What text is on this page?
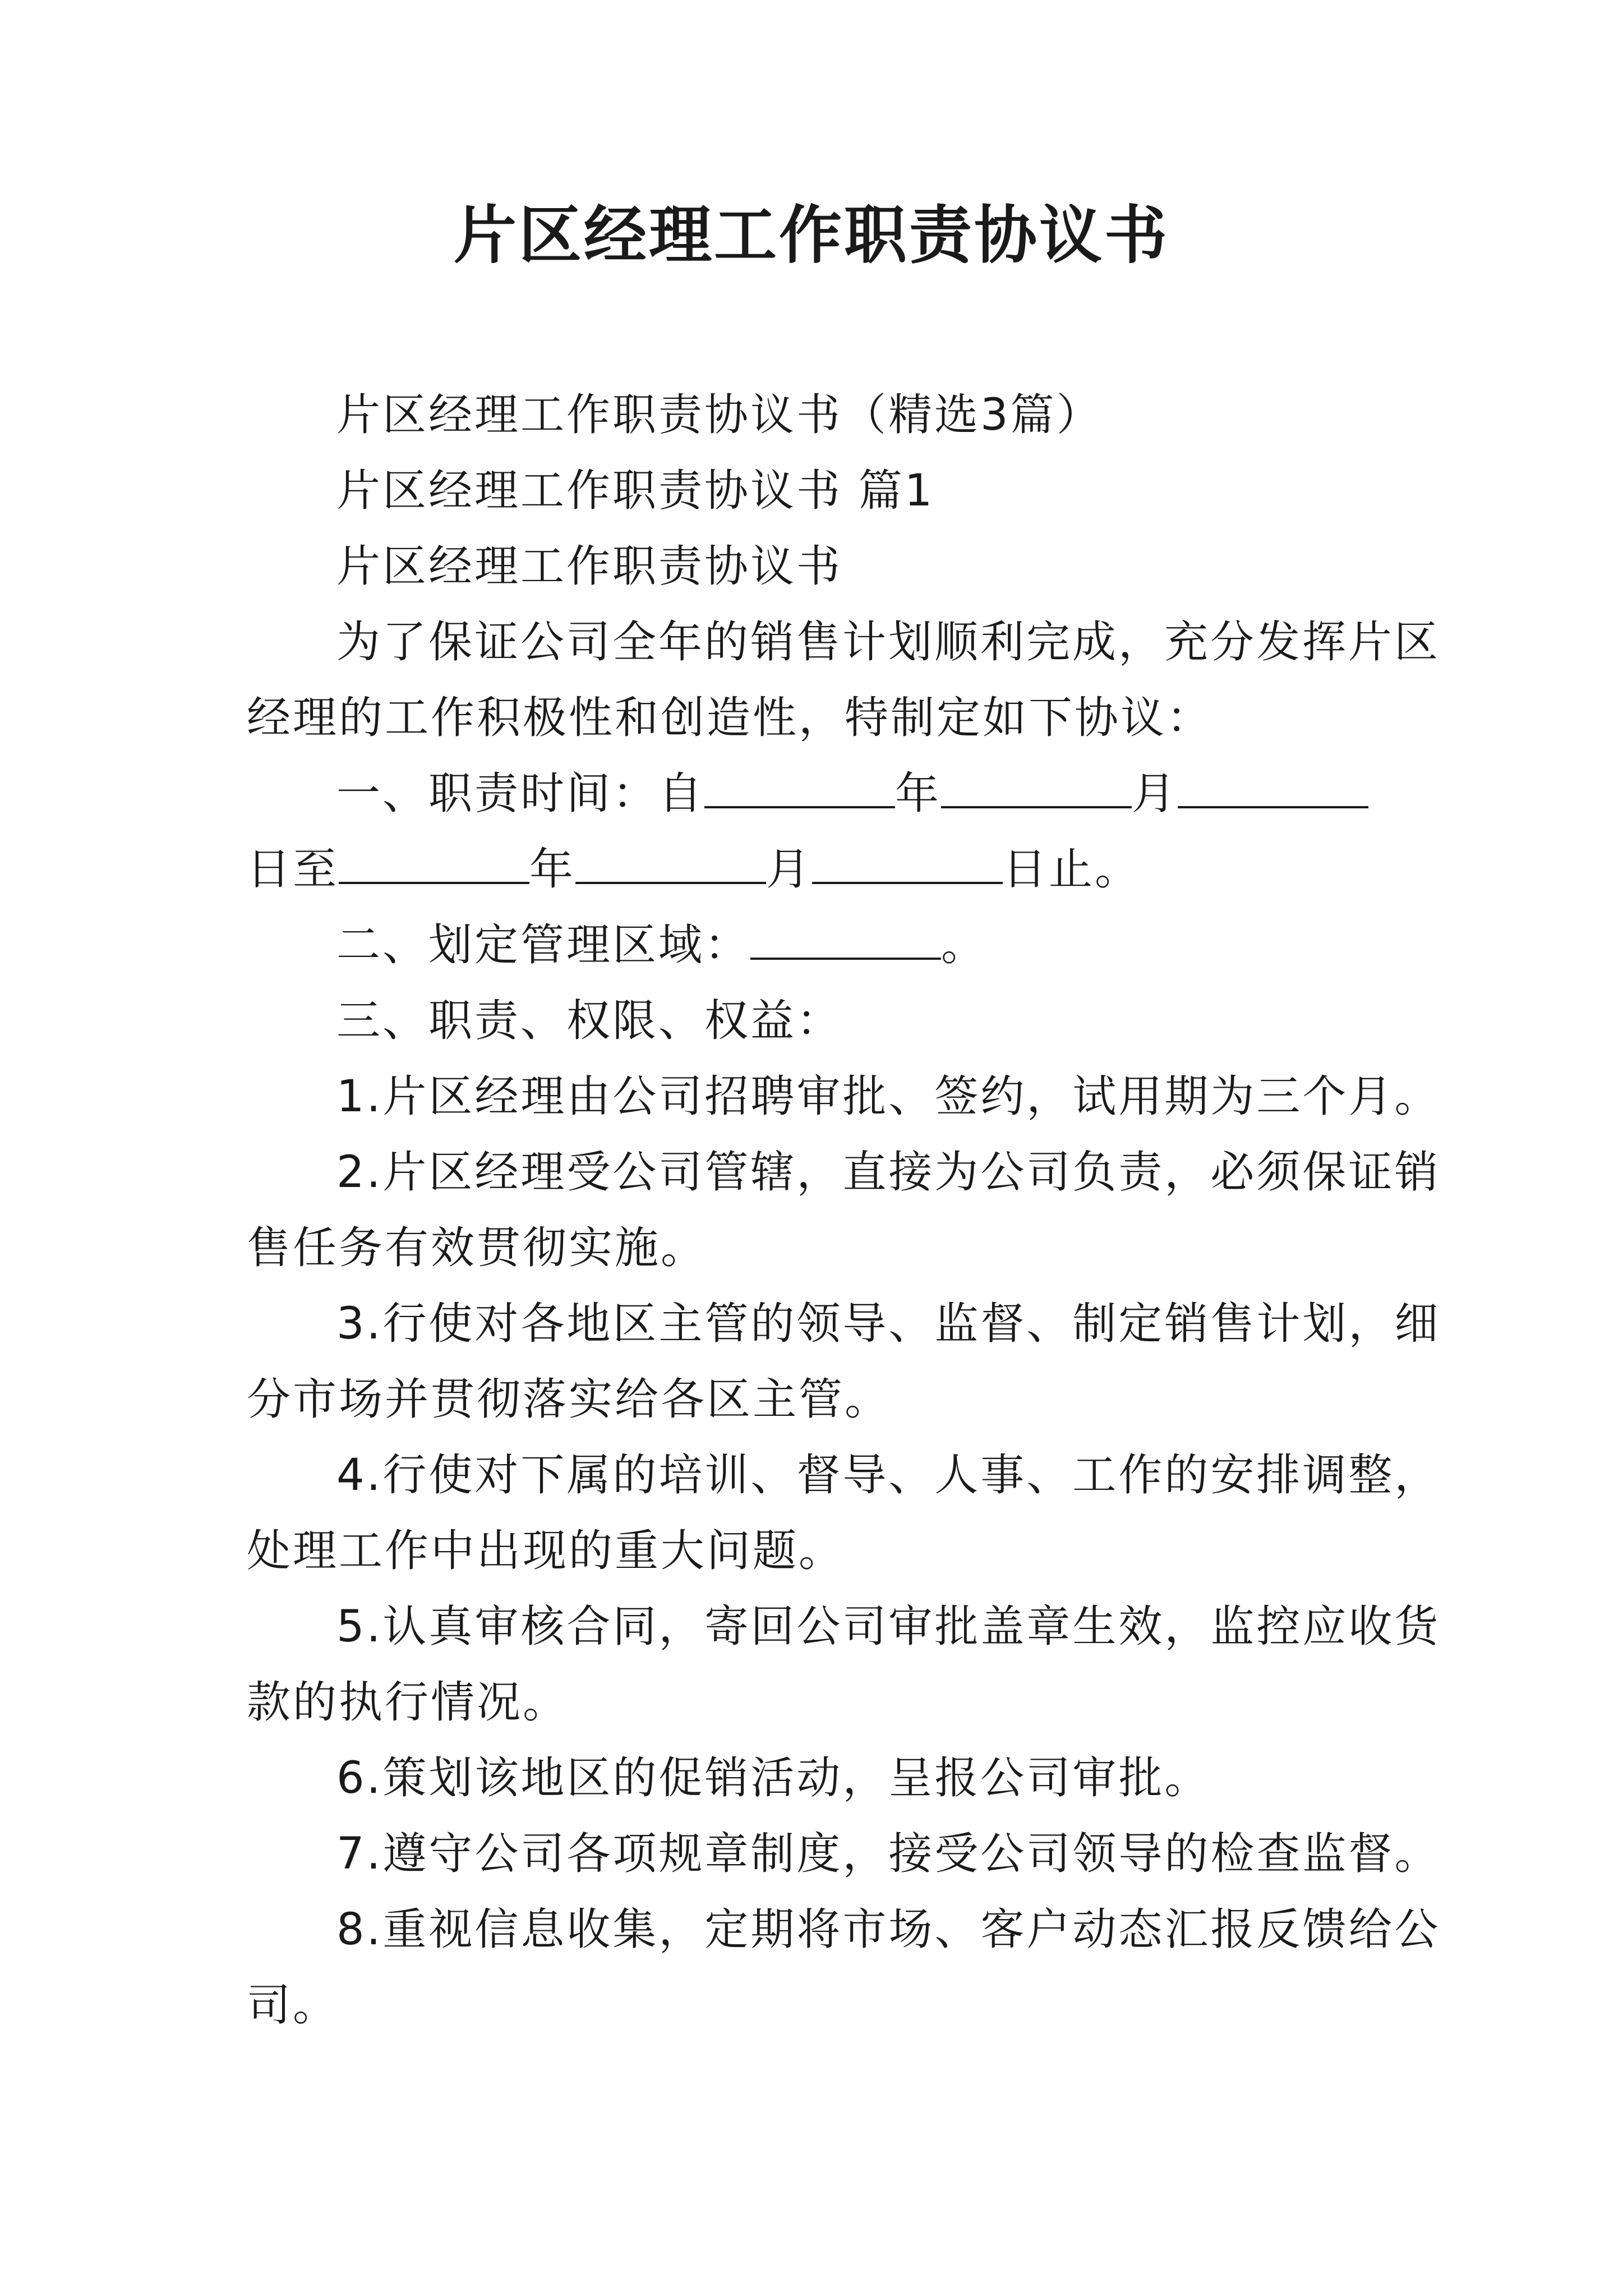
片区经理工作职责协议书
片区经理工作职责协议书（精选3篇）
片区经理工作职责协议书 篇1
片区经理工作职责协议书
为了保证公司全年的销售计划顺利完成，充分发挥片区
经理的工作积极性和创造性，特制定如下协议：
一、职责时间：自	年	月
日至	年	月	日止。
二、划定管理区域：	。
三、职责、权限、权益：
1.片区经理由公司招聘审批、签约，试用期为三个月。
2.片区经理受公司管辖，直接为公司负责，必须保证销
售任务有效贯彻实施。
3.行使对各地区主管的领导、监督、制定销售计划，细
分市场并贯彻落实给各区主管。
4.行使对下属的培训、督导、人事、工作的安排调整，
处理工作中出现的重大问题。
5.认真审核合同，寄回公司审批盖章生效，监控应收货
款的执行情况。
6.策划该地区的促销活动，呈报公司审批。
7.遵守公司各项规章制度，接受公司领导的检查监督。
8.重视信息收集，定期将市场、客户动态汇报反馈给公
司。
